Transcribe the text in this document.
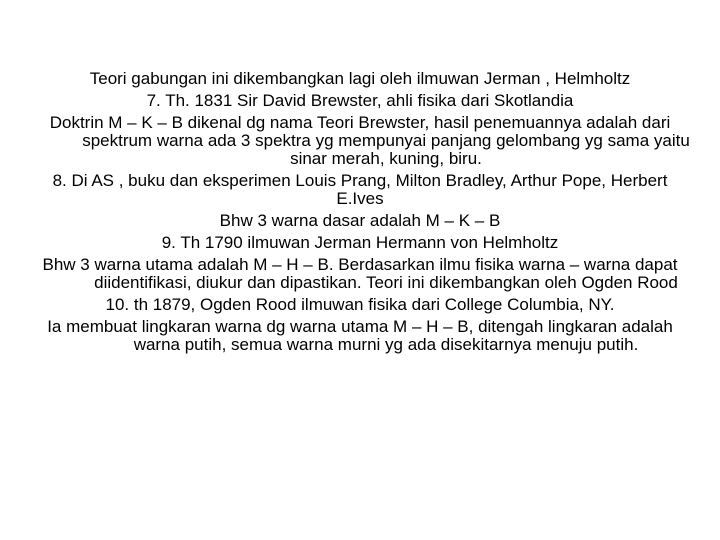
Teori gabungan ini dikembangkan lagi oleh ilmuwan Jerman , Helmholtz

7. Th. 1831 Sir David Brewster, ahli fisika dari Skotlandia

Doktrin M – K – B dikenal dg nama Teori Brewster, hasil penemuannya adalah dari spektrum warna ada 3 spektra yg mempunyai panjang gelombang yg sama yaitu sinar merah, kuning, biru.

8. Di AS , buku dan eksperimen Louis Prang, Milton Bradley, Arthur Pope, Herbert E.Ives

Bhw 3 warna dasar adalah M – K – B

9. Th 1790 ilmuwan Jerman Hermann von Helmholtz

Bhw 3 warna utama adalah M – H – B. Berdasarkan ilmu fisika warna – warna dapat diidentifikasi, diukur dan dipastikan. Teori ini dikembangkan oleh Ogden Rood

10. th 1879, Ogden Rood ilmuwan fisika dari College Columbia, NY.

Ia membuat lingkaran warna dg warna utama M – H – B, ditengah lingkaran adalah warna putih, semua warna murni yg ada disekitarnya menuju putih.
